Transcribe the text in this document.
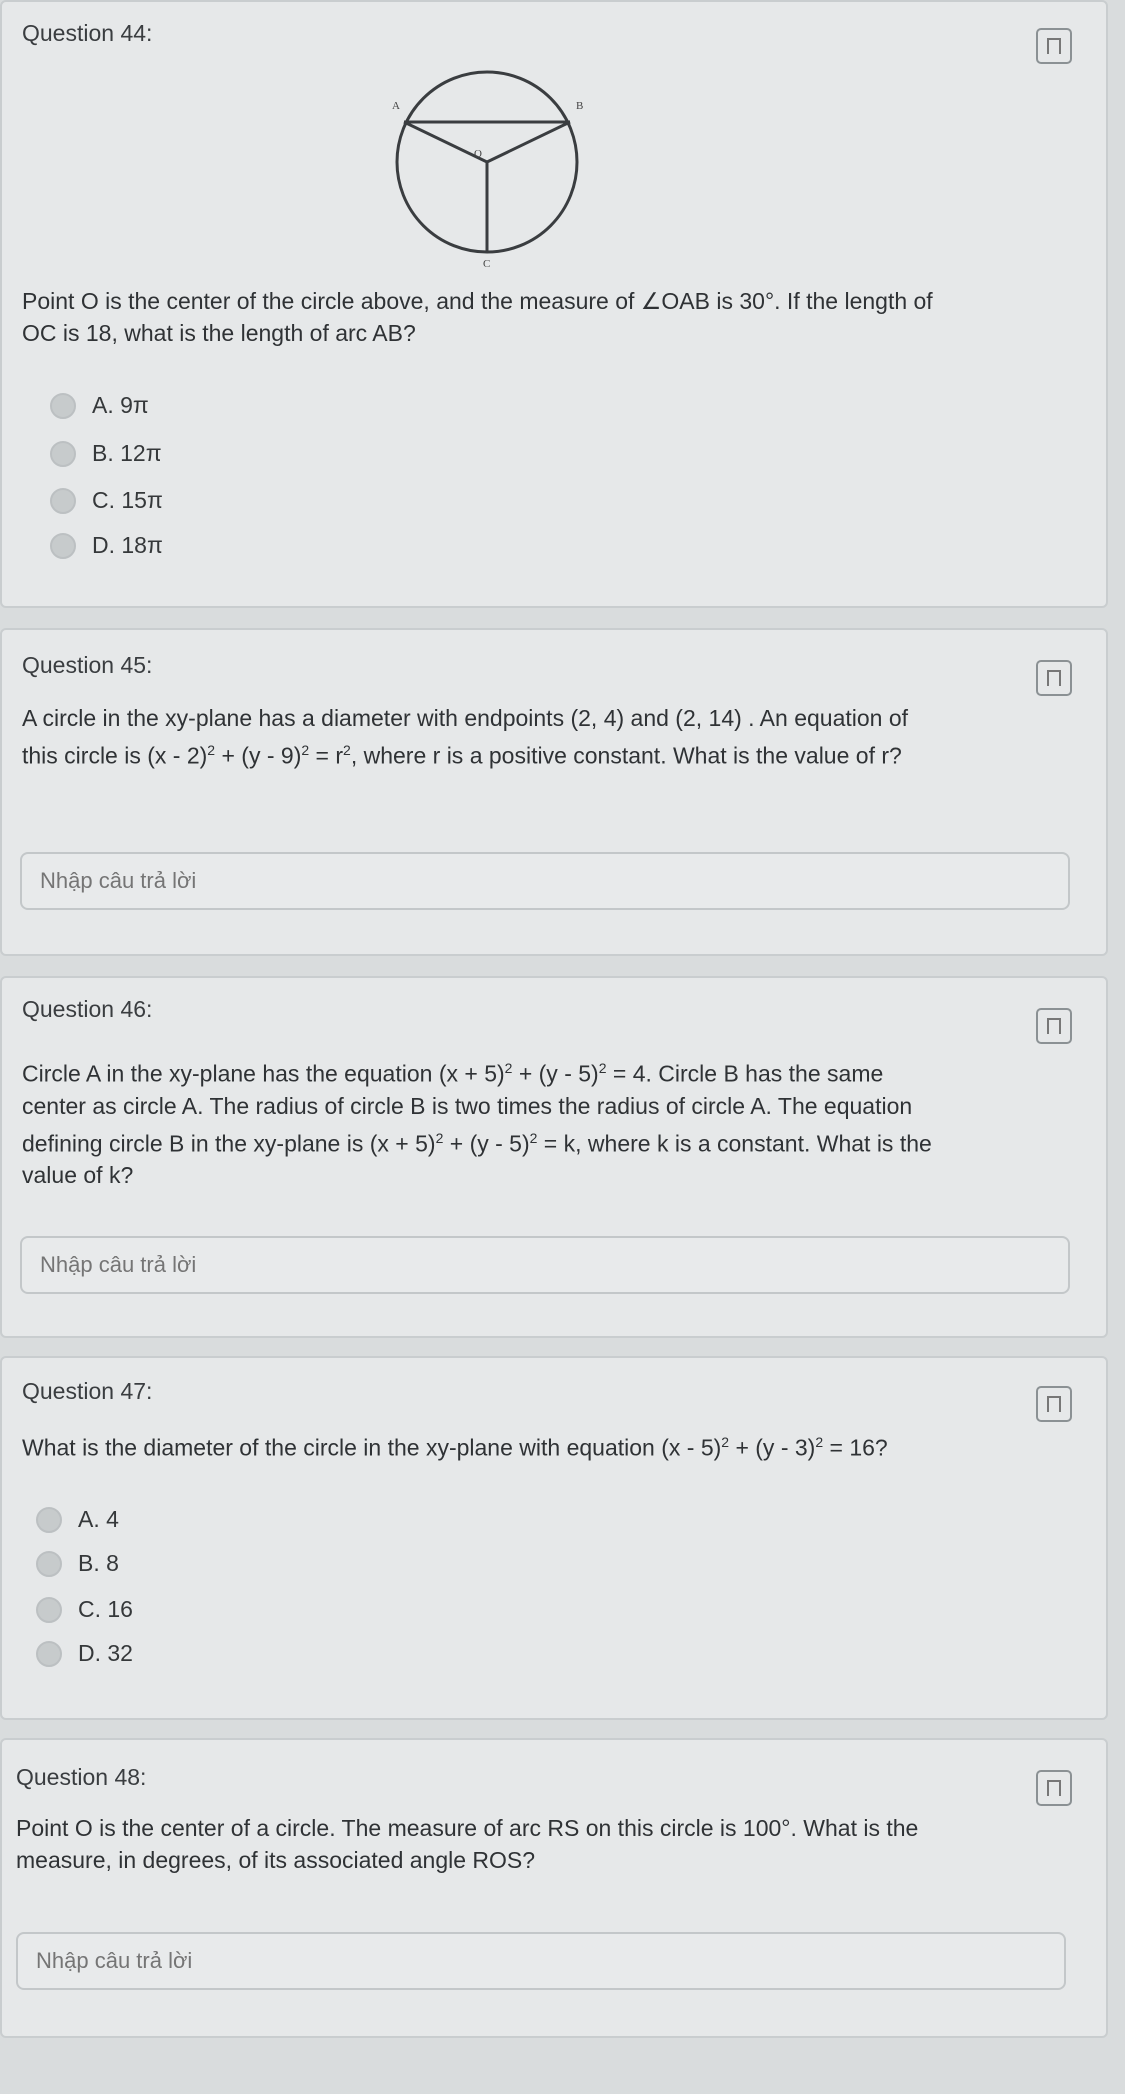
Question 44:
A	B
O
C
Point O is the center of the circle above, and the measure of ∠OAB is 30°. If the length of OC is 18, what is the length of arc AB?
A. 9π
B. 12π
C. 15π
D. 18π
Question 45:
A circle in the xy-plane has a diameter with endpoints (2, 4) and (2, 14) . An equation of this circle is $(x - 2)^2 + (y - 9)^2 = r^2$, where r is a positive constant. What is the value of r?
Nhập câu trả lời
Question 46:
Circle A in the xy-plane has the equation $(x + 5)^2 + (y - 5)^2 = 4$. Circle B has the same center as circle A. The radius of circle B is two times the radius of circle A. The equation defining circle B in the xy-plane is $(x + 5)^2 + (y - 5)^2 = k$, where k is a constant. What is the value of k?
Nhập câu trả lời
Question 47:
What is the diameter of the circle in the xy-plane with equation (x - 5)$^2$ + (y - 3)$^2$ = 16?
A. 4
B. 8
C. 16
D. 32
Question 48:
Point O is the center of a circle. The measure of arc RS on this circle is 100°. What is the measure, in degrees, of its associated angle ROS?
Nhập câu trả lời
